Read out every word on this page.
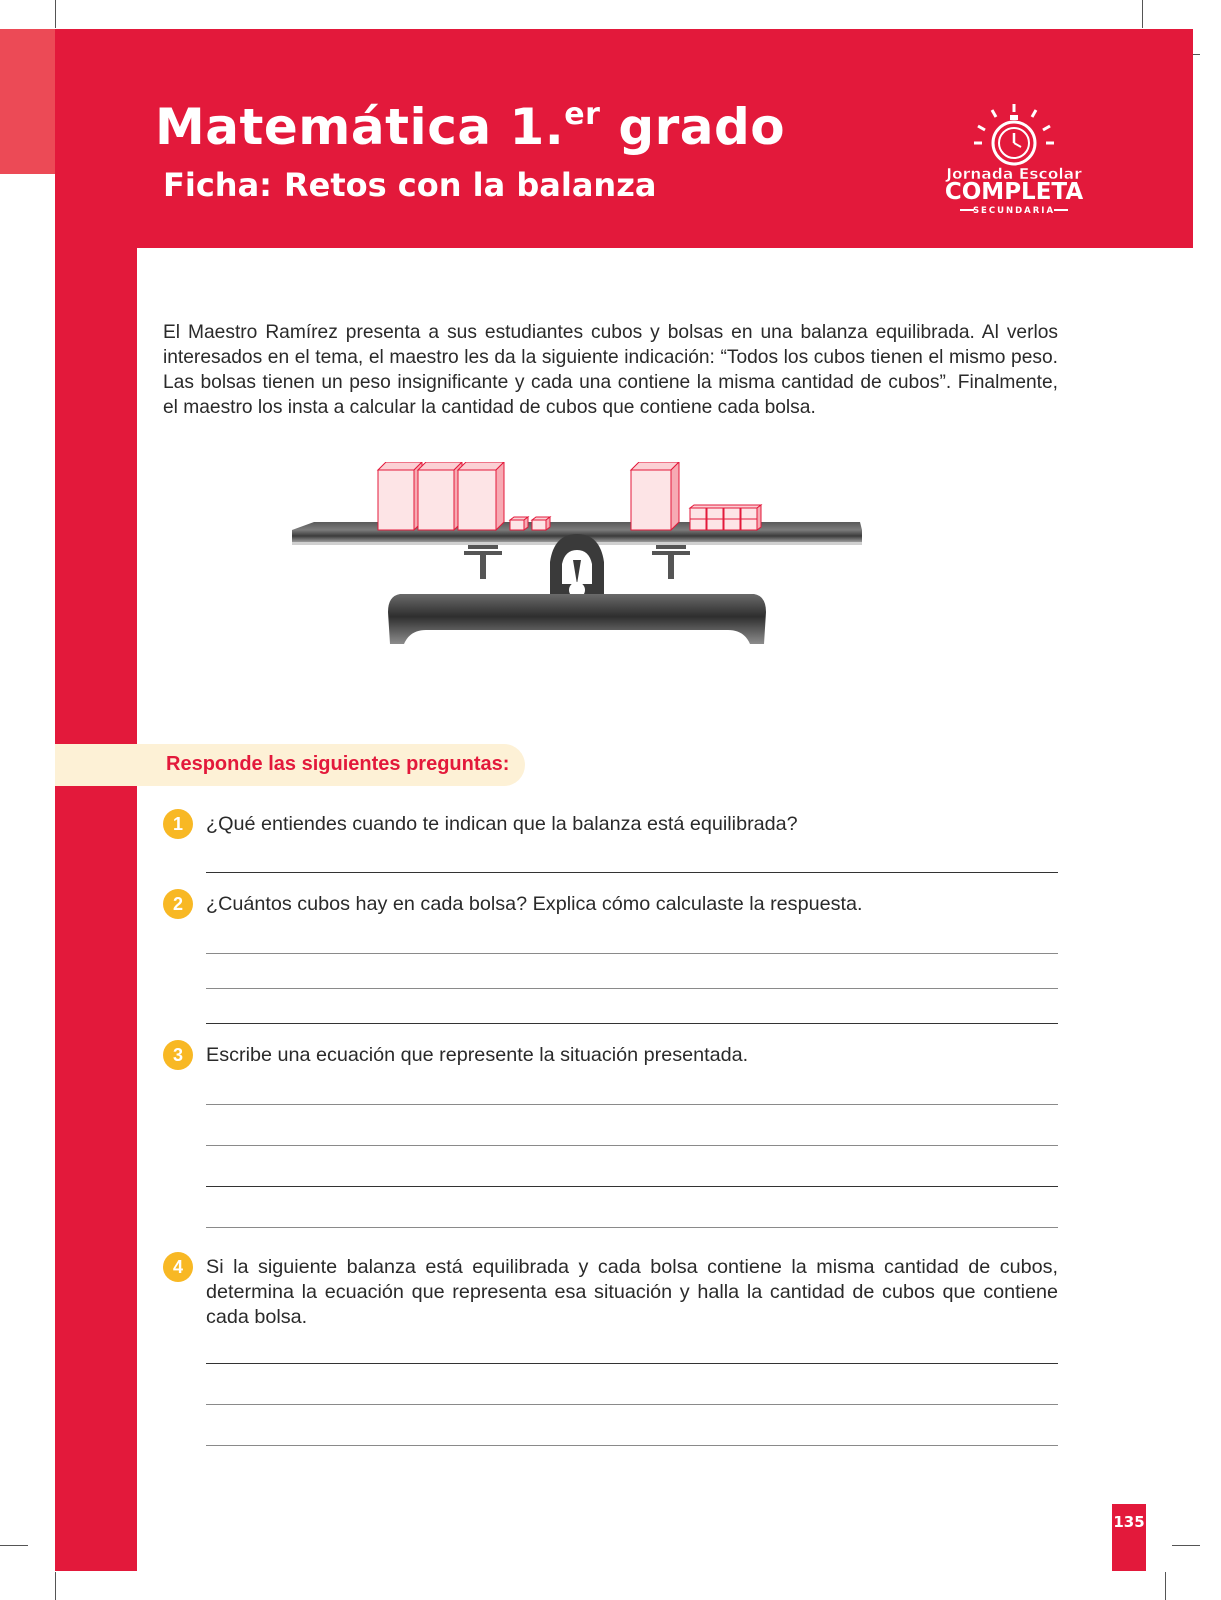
Matemática 1.$^{er}$ grado
Ficha: Retos con la balanza	Jornada Escolar
COMPLETA
SECUNDARIA

El Maestro Ramírez presenta a sus estudiantes cubos y bolsas en una balanza equilibrada. Al verlos interesados en el tema, el maestro les da la siguiente indicación: “Todos los cubos tienen el mismo peso. Las bolsas tienen un peso insignificante y cada una contiene la misma cantidad de cubos”. Finalmente, el maestro los insta a calcular la cantidad de cubos que contiene cada bolsa.

Responde las siguientes preguntas:
1	¿Qué entiendes cuando te indican que la balanza está equilibrada?
2	¿Cuántos cubos hay en cada bolsa? Explica cómo calculaste la respuesta.
3	Escribe una ecuación que represente la situación presentada.
4	Si la siguiente balanza está equilibrada y cada bolsa contiene la misma cantidad de cubos, determina la ecuación que representa esa situación y halla la cantidad de cubos que contiene cada bolsa.
135
